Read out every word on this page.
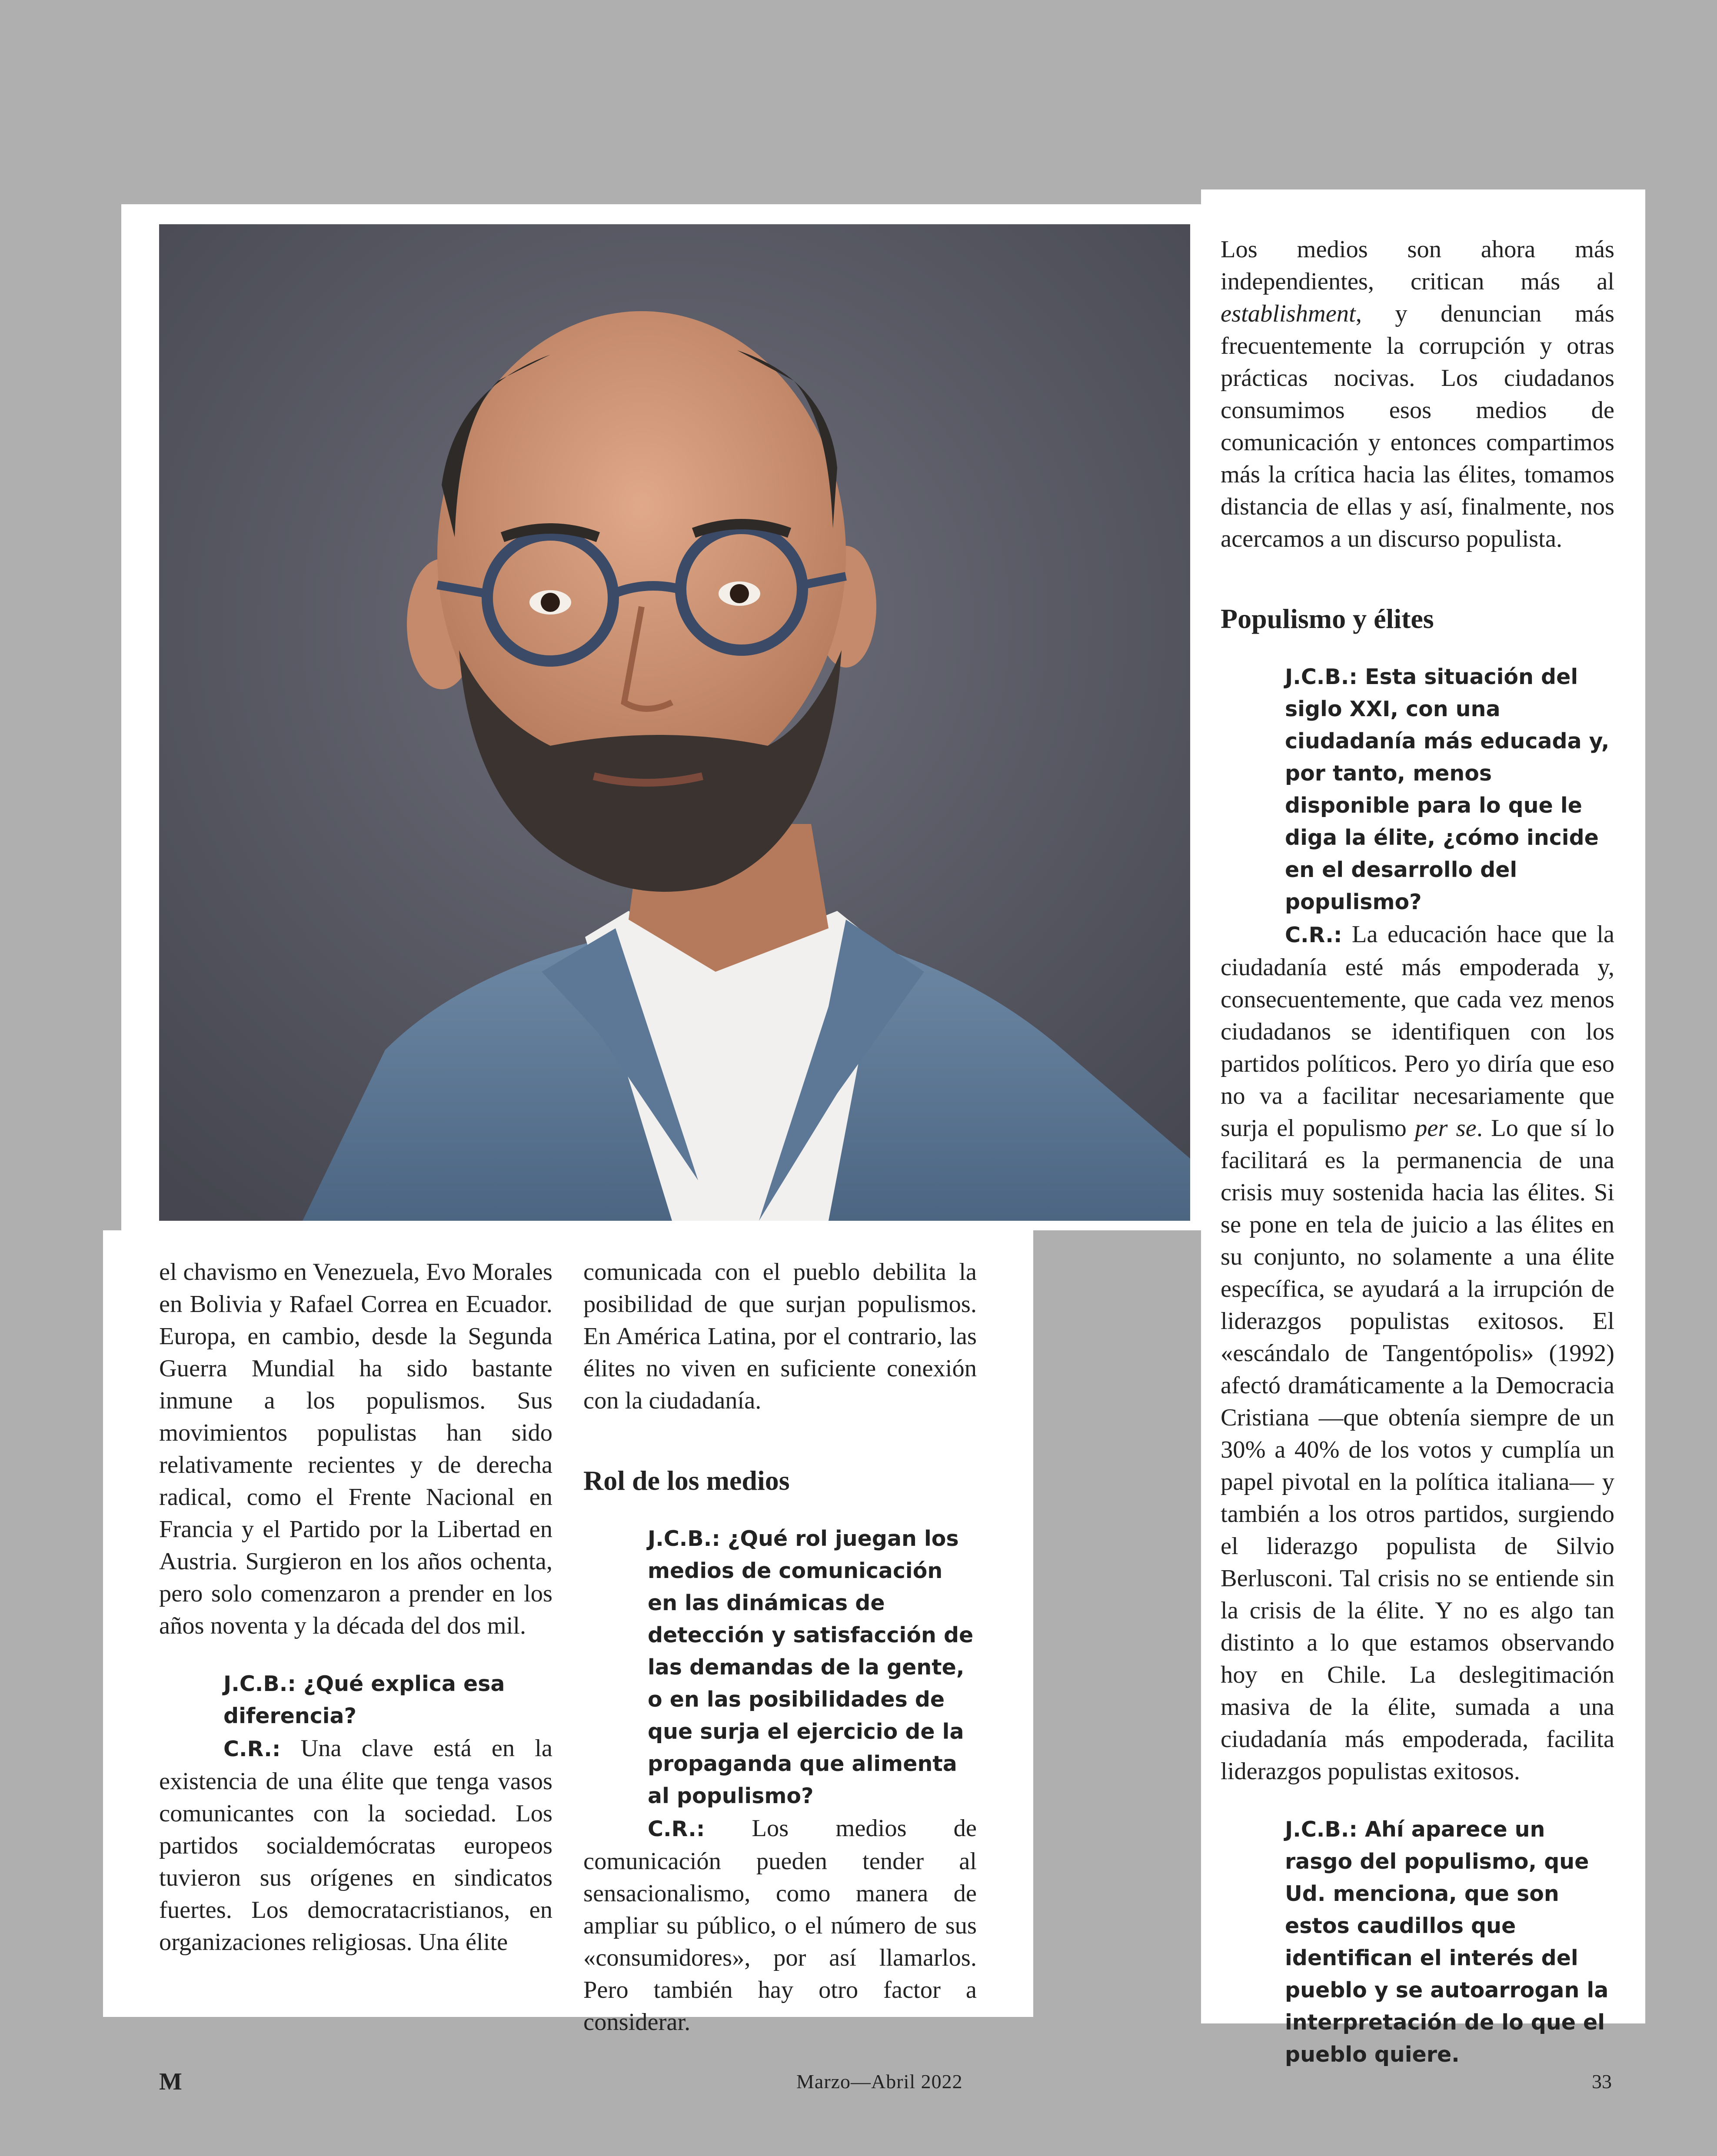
el chavismo en Venezuela, Evo Morales en Bolivia y Rafael Correa en Ecuador. Europa, en cambio, desde la Segunda Guerra Mundial ha sido bastante inmune a los populismos. Sus movimientos populistas han sido relativamente recientes y de derecha radical, como el Frente Nacional en Francia y el Partido por la Libertad en Austria. Surgieron en los años ochenta, pero solo comenzaron a prender en los años noventa y la década del dos mil.

J.C.B.: ¿Qué explica esa diferencia?

C.R.: Una clave está en la existencia de una élite que tenga vasos comunicantes con la sociedad. Los partidos socialdemócratas europeos tuvieron sus orígenes en sindicatos fuertes. Los democratacristianos, en organizaciones religiosas. Una élite

comunicada con el pueblo debilita la posibilidad de que surjan populismos. En América Latina, por el contrario, las élites no viven en suficiente conexión con la ciudadanía.

Rol de los medios
J.C.B.: ¿Qué rol juegan los medios de comunicación en las dinámicas de detección y satisfacción de las demandas de la gente, o en las posibilidades de que surja el ejercicio de la propaganda que alimenta al populismo?

C.R.: Los medios de comunicación pueden tender al sensacionalismo, como manera de ampliar su público, o el número de sus «consumidores», por así llamarlos. Pero también hay otro factor a considerar.

Los medios son ahora más independientes, critican más al establishment, y denuncian más frecuentemente la corrupción y otras prácticas nocivas. Los ciudadanos consumimos esos medios de comunicación y entonces compartimos más la crítica hacia las élites, tomamos distancia de ellas y así, finalmente, nos acercamos a un discurso populista.

Populismo y élites
J.C.B.: Esta situación del siglo XXI, con una ciudadanía más educada y, por tanto, menos disponible para lo que le diga la élite, ¿cómo incide en el desarrollo del populismo?

C.R.: La educación hace que la ciudadanía esté más empoderada y, consecuentemente, que cada vez menos ciudadanos se identifiquen con los partidos políticos. Pero yo diría que eso no va a facilitar necesariamente que surja el populismo per se. Lo que sí lo facilitará es la permanencia de una crisis muy sostenida hacia las élites. Si se pone en tela de juicio a las élites en su conjunto, no solamente a una élite específica, se ayudará a la irrupción de liderazgos populistas exitosos. El «escándalo de Tangentópolis» (1992) afectó dramáticamente a la Democracia Cristiana —que obtenía siempre de un 30% a 40% de los votos y cumplía un papel pivotal en la política italiana— y también a los otros partidos, surgiendo el liderazgo populista de Silvio Berlusconi. Tal crisis no se entiende sin la crisis de la élite. Y no es algo tan distinto a lo que estamos observando hoy en Chile. La deslegitimación masiva de la élite, sumada a una ciudadanía más empoderada, facilita liderazgos populistas exitosos.

J.C.B.: Ahí aparece un rasgo del populismo, que Ud. menciona, que son estos caudillos que identifican el interés del pueblo y se autoarrogan la interpretación de lo que el pueblo quiere.
M	Marzo—Abril 2022	33
